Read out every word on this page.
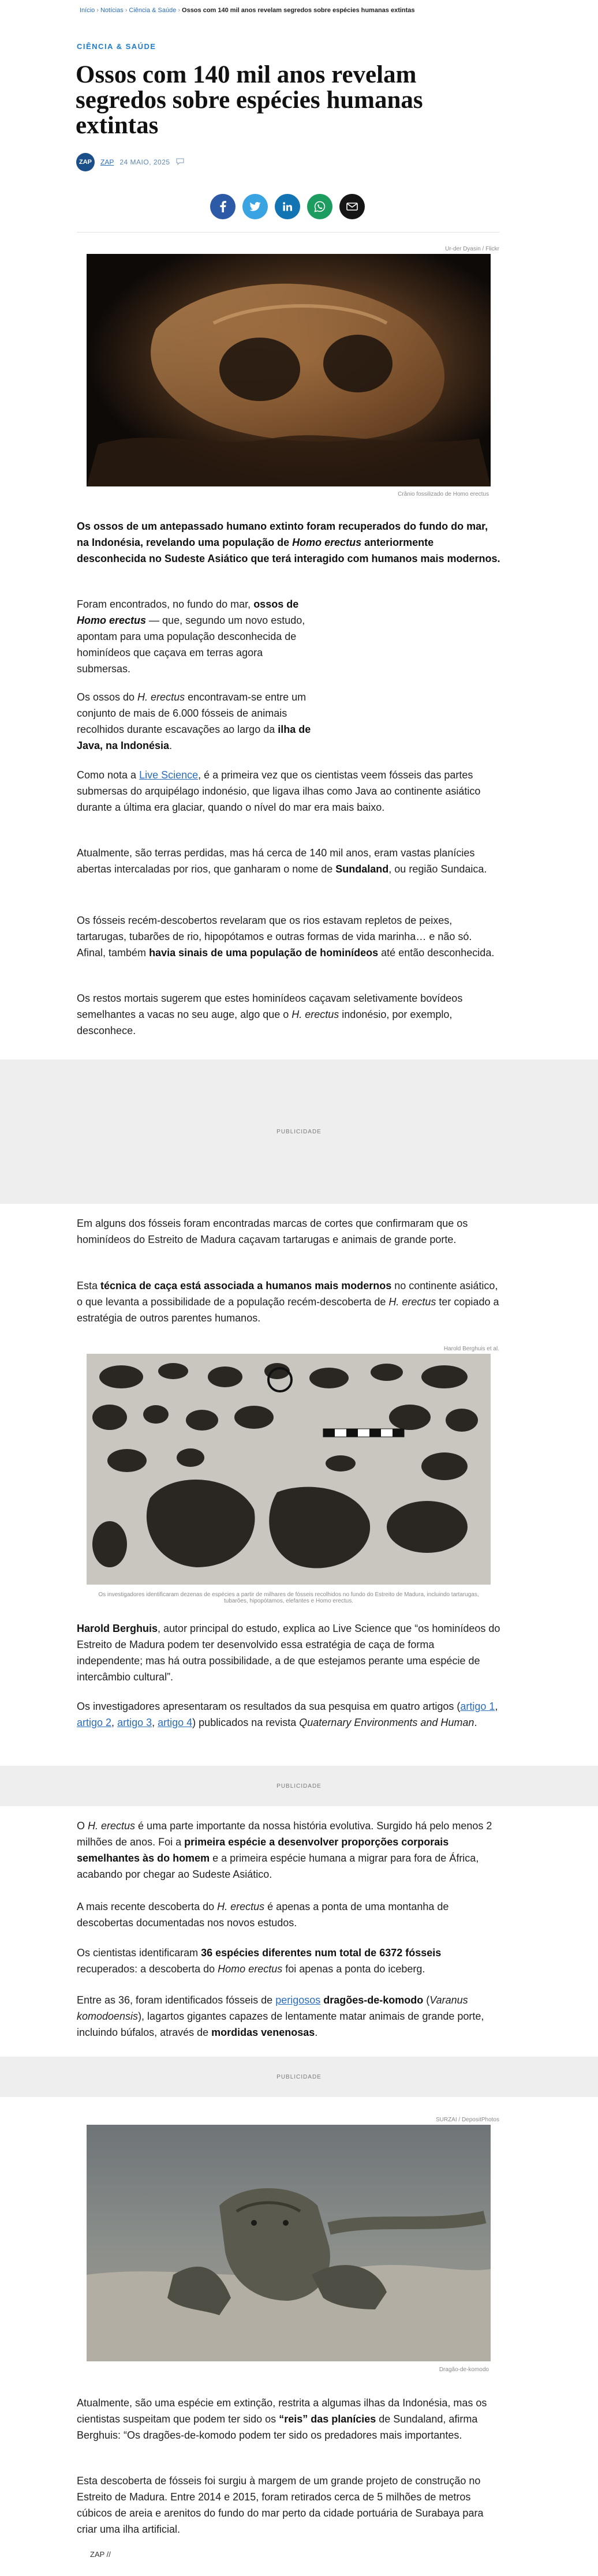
Início › Notícias › Ciência & Saúde › Ossos com 140 mil anos revelam segredos sobre espécies humanas extintas
CIÊNCIA & SAÚDE
Ossos com 140 mil anos revelam segredos sobre espécies humanas extintas
ZAP	ZAP 24 MAIO, 2025
Ur-der Dyasin / Flickr
Crânio fossilizado de Homo erectus

Os ossos de um antepassado humano extinto foram recuperados do fundo do mar, na Indonésia, revelando uma população de Homo erectus anteriormente desconhecida no Sudeste Asiático que terá interagido com humanos mais modernos.

Foram encontrados, no fundo do mar, ossos de Homo erectus — que, segundo um novo estudo, apontam para uma população desconhecida de hominídeos que caçava em terras agora submersas.

Os ossos do H. erectus encontravam-se entre um conjunto de mais de 6.000 fósseis de animais recolhidos durante escavações ao largo da ilha de Java, na Indonésia.

Como nota a Live Science, é a primeira vez que os cientistas veem fósseis das partes submersas do arquipélago indonésio, que ligava ilhas como Java ao continente asiático durante a última era glaciar, quando o nível do mar era mais baixo.

Atualmente, são terras perdidas, mas há cerca de 140 mil anos, eram vastas planícies abertas intercaladas por rios, que ganharam o nome de Sundaland, ou região Sundaica.

Os fósseis recém-descobertos revelaram que os rios estavam repletos de peixes, tartarugas, tubarões de rio, hipopótamos e outras formas de vida marinha… e não só. Afinal, também havia sinais de uma população de hominídeos até então desconhecida.

Os restos mortais sugerem que estes hominídeos caçavam seletivamente bovídeos semelhantes a vacas no seu auge, algo que o H. erectus indonésio, por exemplo, desconhece.

PUBLICIDADE

Em alguns dos fósseis foram encontradas marcas de cortes que confirmaram que os hominídeos do Estreito de Madura caçavam tartarugas e animais de grande porte.

Esta técnica de caça está associada a humanos mais modernos no continente asiático, o que levanta a possibilidade de a população recém-descoberta de H. erectus ter copiado a estratégia de outros parentes humanos.

Harold Berghuis et al.
Os investigadores identificaram dezenas de espécies a partir de milhares de fósseis recolhidos no fundo do Estreito de Madura, incluindo tartarugas, tubarões, hipopótamos, elefantes e Homo erectus.

Harold Berghuis, autor principal do estudo, explica ao Live Science que “os hominídeos do Estreito de Madura podem ter desenvolvido essa estratégia de caça de forma independente; mas há outra possibilidade, a de que estejamos perante uma espécie de intercâmbio cultural”.

Os investigadores apresentaram os resultados da sua pesquisa em quatro artigos (artigo 1, artigo 2, artigo 3, artigo 4) publicados na revista Quaternary Environments and Human.

PUBLICIDADE

O H. erectus é uma parte importante da nossa história evolutiva. Surgido há pelo menos 2 milhões de anos. Foi a primeira espécie a desenvolver proporções corporais semelhantes às do homem e a primeira espécie humana a migrar para fora de África, acabando por chegar ao Sudeste Asiático.

A mais recente descoberta do H. erectus é apenas a ponta de uma montanha de descobertas documentadas nos novos estudos.

Os cientistas identificaram 36 espécies diferentes num total de 6372 fósseis recuperados: a descoberta do Homo erectus foi apenas a ponta do iceberg.

Entre as 36, foram identificados fósseis de perigosos dragões-de-komodo (Varanus komodoensis), lagartos gigantes capazes de lentamente matar animais de grande porte, incluindo búfalos, através de mordidas venenosas.

PUBLICIDADE
SURZAI / DepositPhotos
Dragão-de-komodo

Atualmente, são uma espécie em extinção, restrita a algumas ilhas da Indonésia, mas os cientistas suspeitam que podem ter sido os “reis” das planícies de Sundaland, afirma Berghuis: “Os dragões-de-komodo podem ter sido os predadores mais importantes.

Esta descoberta de fósseis foi surgiu à margem de um grande projeto de construção no Estreito de Madura. Entre 2014 e 2015, foram retirados cerca de 5 milhões de metros cúbicos de areia e arenitos do fundo do mar perto da cidade portuária de Surabaya para criar uma ilha artificial.

ZAP //
